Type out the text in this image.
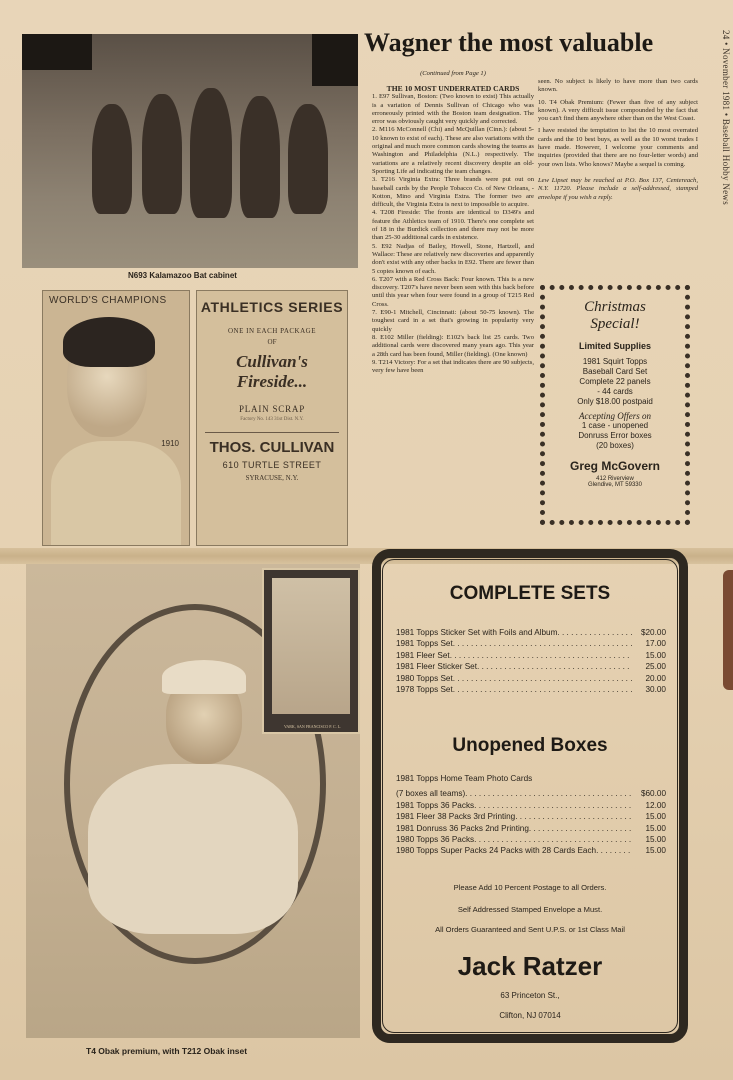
24 • November 1981 • Baseball Hobby News
N693 Kalamazoo Bat cabinet
WORLD'S CHAMPIONS
1910
ATHLETICS SERIES
ONE IN EACH PACKAGE
OF
Cullivan's
Fireside...
PLAIN SCRAP
Factory No. 143 31st Dist. N.Y.
THOS. CULLIVAN
610 TURTLE STREET
SYRACUSE, N.Y.
Wagner the most valuable

(Continued from Page 1)

THE 10 MOST UNDERRATED CARDS

1. E97 Sullivan, Boston: (Two known to exist) This actually is a variation of Dennis Sullivan of Chicago who was erroneously printed with the Boston team designation. The error was obviously caught very quickly and corrected.

2. M116 McConnell (Chi) and McQuillan (Cinn.): (about 5-10 known to exist of each). These are also variations with the original and much more common cards showing the teams as Washington and Philadelphia (N.L.) respectively. The variations are a relatively recent discovery despite an old-Sporting Life ad indicating the team changes.

3. T216 Virginia Extra: Three brands were put out on baseball cards by the People Tobacco Co. of New Orleans, - Kotton, Mino and Virginia Extra. The former two are difficult, the Virginia Extra is next to impossible to acquire.

4. T208 Fireside: The fronts are identical to D349's and feature the Athletics team of 1910. There's one complete set of 18 in the Burdick collection and there may not be more than 25-30 additional cards in existence.

5. E92 Nadjas of Bailey, Howell, Stone, Hartzell, and Wallace: These are relatively new discoveries and apparently don't exist with any other backs in E92. There are fewer than 5 copies known of each.

6. T207 with a Red Cross Back: Four known. This is a new discovery. T207's have never been seen with this back before until this year when four were found in a group of T215 Red Cross.

7. E90-1 Mitchell, Cincinnati: (about 50-75 known). The toughest card in a set that's growing in popularity very quickly

8. E102 Miller (fielding): E102's back list 25 cards. Two additional cards were discovered many years ago. This year a 28th card has been found, Miller (fielding). (One known)

9. T214 Victory: For a set that indicates there are 90 subjects, very few have been

seen. No subject is likely to have more than two cards known.

10. T4 Obak Premium: (Fewer than five of any subject known). A very difficult issue compounded by the fact that you can't find them anywhere other than on the West Coast.

I have resisted the temptation to list the 10 most overrated cards and the 10 best buys, as well as the 10 worst trades I have made. However, I welcome your comments and inquiries (provided that there are no four-letter words) and your own lists. Who knows? Maybe a sequel is coming.

Lew Lipset may be reached at P.O. Box 137, Centereach, N.Y. 11720. Please include a self-addressed, stamped envelope if you wish a reply.

Christmas
Special!
Limited Supplies
1981 Squirt Topps
Baseball Card Set
Complete 22 panels
- 44 cards
Only $18.00 postpaid
Accepting Offers on
1 case - unopened
Donruss Error boxes
(20 boxes)
Greg McGovern
412 Riverview
Glendive, MT 59330
VARK, SAN FRANCISCO P. C. L.
T4 Obak premium, with T212 Obak inset
COMPLETE SETS
1981 Topps Sticker Set with Foils and Album . . .	$20.00
1981 Topps Set . . .	17.00
1981 Fleer Set . . .	15.00
1981 Fleer Sticker Set . . .	25.00
1980 Topps Set . . .	20.00
1978 Topps Set . . .	30.00
Unopened Boxes
1981 Topps Home Team Photo Cards
(7 boxes all teams) . . .	$60.00
1981 Topps 36 Packs . . .	12.00
1981 Fleer 38 Packs 3rd Printing . . .	15.00
1981 Donruss 36 Packs 2nd Printing . . .	15.00
1980 Topps 36 Packs . . .	15.00
1980 Topps Super Packs 24 Packs with 28 Cards Each . . .	15.00
Please Add 10 Percent Postage to all Orders.
Self Addressed Stamped Envelope a Must.
All Orders Guaranteed and Sent U.P.S. or 1st Class Mail
Jack Ratzer
63 Princeton St.,
Clifton, NJ 07014
